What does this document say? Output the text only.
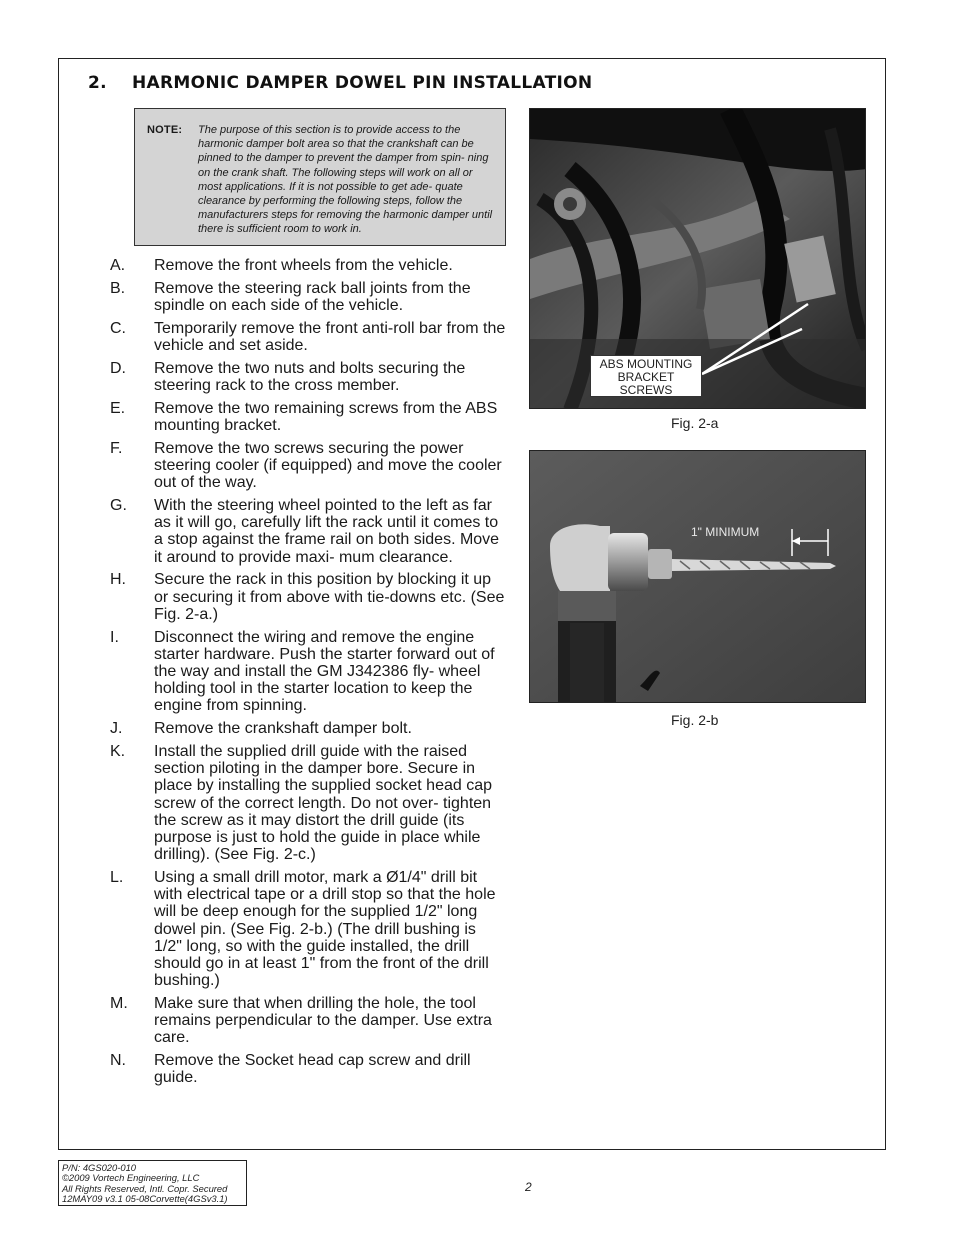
2. HARMONIC DAMPER DOWEL PIN INSTALLATION
NOTE: The purpose of this section is to provide access to the harmonic damper bolt area so that the crankshaft can be pinned to the damper to prevent the damper from spin- ning on the crank shaft. The following steps will work on all or most applications. If it is not possible to get ade- quate clearance by performing the following steps, follow the manufacturers steps for removing the harmonic damper until there is sufficient room to work in.
A. Remove the front wheels from the vehicle.
B. Remove the steering rack ball joints from the spindle on each side of the vehicle.
C. Temporarily remove the front anti-roll bar from the vehicle and set aside.
D. Remove the two nuts and bolts securing the steering rack to the cross member.
E. Remove the two remaining screws from the ABS mounting bracket.
F. Remove the two screws securing the power steering cooler (if equipped) and move the cooler out of the way.
G. With the steering wheel pointed to the left as far as it will go, carefully lift the rack until it comes to a stop against the frame rail on both sides. Move it around to provide maxi- mum clearance.
H. Secure the rack in this position by blocking it up or securing it from above with tie-downs etc. (See Fig. 2-a.)
I. Disconnect the wiring and remove the engine starter hardware. Push the starter forward out of the way and install the GM J342386 fly- wheel holding tool in the starter location to keep the engine from spinning.
J. Remove the crankshaft damper bolt.
K. Install the supplied drill guide with the raised section piloting in the damper bore. Secure in place by installing the supplied socket head cap screw of the correct length. Do not over- tighten the screw as it may distort the drill guide (its purpose is just to hold the guide in place while drilling). (See Fig. 2-c.)
L. Using a small drill motor, mark a Ø1/4" drill bit with electrical tape or a drill stop so that the hole will be deep enough for the supplied 1/2" long dowel pin. (See Fig. 2-b.) (The drill bushing is 1/2" long, so with the guide installed, the drill should go in at least 1" from the front of the drill bushing.)
M. Make sure that when drilling the hole, the tool remains perpendicular to the damper. Use extra care.
N. Remove the Socket head cap screw and drill guide.
ABS MOUNTING BRACKET SCREWS
Fig. 2-a
1" MINIMUM
Fig. 2-b
P/N: 4GS020-010
©2009 Vortech Engineering, LLC
All Rights Reserved, Intl. Copr. Secured
12MAY09 v3.1 05-08Corvette(4GSv3.1)
2
